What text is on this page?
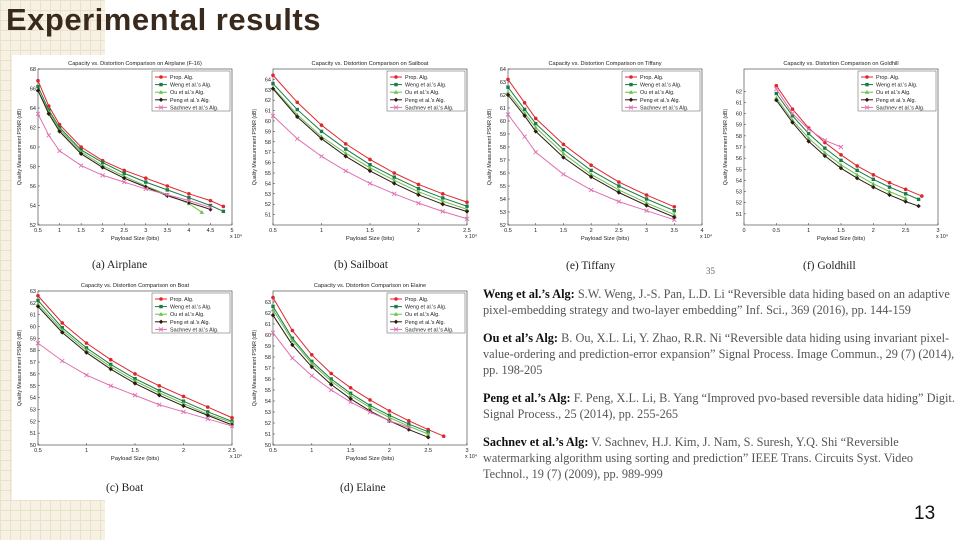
Experimental results
Capacity vs. Distortion Comparison on Airplane (F-16)
0.5	1	1.5	2	2.5	3	3.5	4	4.5	5
52
54
56
58
60
62
64
66
68
Payload Size (bits)	x 10⁴
Quality Measurement PSNR (dB)
Prop. Alg.
Weng et al.'s Alg.
Ou et al.'s Alg.
Peng et al.'s Alg.
Sachnev et al.'s Alg.
Capacity vs. Distortion Comparison on Sailboat
0.5	1	1.5	2	2.5
51
52
53
54
55
56
57
58
59
60
61
62
63
64
Payload Size (bits)	x 10⁴
Quality Measurement PSNR (dB)
Prop. Alg.
Weng et al.'s Alg.
Ou et al.'s Alg.
Peng et al.'s Alg.
Sachnev et al.'s Alg.
Capacity vs. Distortion Comparison on Tiffany
0.5	1	1.5	2	2.5	3	3.5	4
52
53
54
55
56
57
58
59
60
61
62
63
64
Payload Size (bits)	x 10⁴
Quality Measurement PSNR (dB)
Prop. Alg.
Weng et al.'s Alg.
Ou et al.'s Alg.
Peng et al.'s Alg.
Sachnev et al.'s Alg.
Capacity vs. Distortion Comparison on Goldhill
0	0.5	1	1.5	2	2.5	3
51
52
53
54
55
56
57
58
59
60
61
62
Payload Size (bits)	x 10⁴
Quality Measurement PSNR (dB)
Prop. Alg.
Weng et al.'s Alg.
Ou et al.'s Alg.
Peng et al.'s Alg.
Sachnev et al.'s Alg.
Capacity vs. Distortion Comparison on Boat
0.5	1	1.5	2	2.5
50
51
52
53
54
55
56
57
58
59
60
61
62
63
Payload Size (bits)	x 10⁴
Quality Measurement PSNR (dB)
Prop. Alg.
Weng et al.'s Alg.
Ou et al.'s Alg.
Peng et al.'s Alg.
Sachnev et al.'s Alg.
Capacity vs. Distortion Comparison on Elaine
0.5	1	1.5	2	2.5	3
50
51
52
53
54
55
56
57
58
59
60
61
62
63
Payload Size (bits)	x 10⁴
Quality Measurement PSNR (dB)
Prop. Alg.
Weng et al.'s Alg.
Ou et al.'s Alg.
Peng et al.'s Alg.
Sachnev et al.'s Alg.
(a) Airplane	(b) Sailboat	(e) Tiffany	(f) Goldhill
(c) Boat	(d) Elaine
35
Weng et al.’s Alg: S.W. Weng, J.-S. Pan, L.D. Li “Reversible data hiding based on an adaptive pixel-embedding strategy and two-layer embedding” Inf. Sci., 369 (2016), pp. 144-159
Ou et al’s Alg: B. Ou, X.L. Li, Y. Zhao, R.R. Ni “Reversible data hiding using invariant pixel-value-ordering and prediction-error expansion” Signal Process. Image Commun., 29 (7) (2014), pp. 198-205
Peng et al.’s Alg: F. Peng, X.L. Li, B. Yang “Improved pvo-based reversible data hiding” Digit. Signal Process., 25 (2014), pp. 255-265
Sachnev et al.’s Alg: V. Sachnev, H.J. Kim, J. Nam, S. Suresh, Y.Q. Shi “Reversible watermarking algorithm using sorting and prediction” IEEE Trans. Circuits Syst. Video Technol., 19 (7) (2009), pp. 989-999
13
